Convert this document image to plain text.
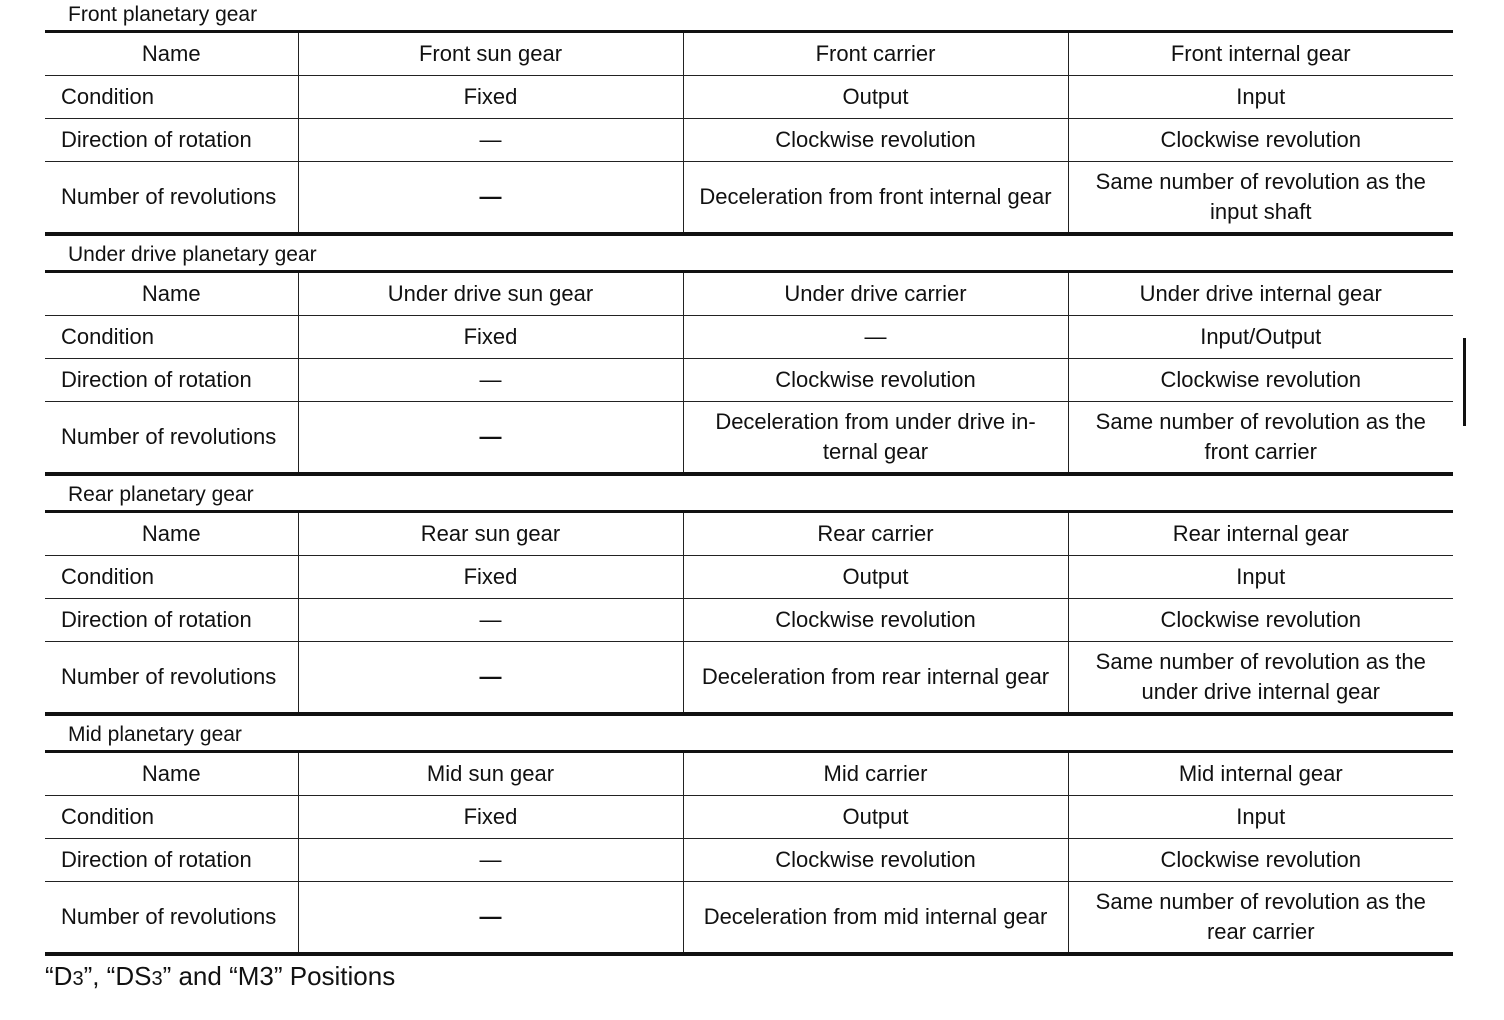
Front planetary gear
Name	Front sun gear	Front carrier	Front internal gear
Condition	Fixed	Output	Input
Direction of rotation	—	Clockwise revolution	Clockwise revolution
Number of revolutions	—	Deceleration from front internal gear	Same number of revolution as the input shaft
Under drive planetary gear
Name	Under drive sun gear	Under drive carrier	Under drive internal gear
Condition	Fixed	—	Input/Output
Direction of rotation	—	Clockwise revolution	Clockwise revolution
Number of revolutions	—	Deceleration from under drive in-ternal gear	Same number of revolution as the front carrier
Rear planetary gear
Name	Rear sun gear	Rear carrier	Rear internal gear
Condition	Fixed	Output	Input
Direction of rotation	—	Clockwise revolution	Clockwise revolution
Number of revolutions	—	Deceleration from rear internal gear	Same number of revolution as the under drive internal gear
Mid planetary gear
Name	Mid sun gear	Mid carrier	Mid internal gear
Condition	Fixed	Output	Input
Direction of rotation	—	Clockwise revolution	Clockwise revolution
Number of revolutions	—	Deceleration from mid internal gear	Same number of revolution as the rear carrier
“D3”, “DS3” and “M3” Positions
